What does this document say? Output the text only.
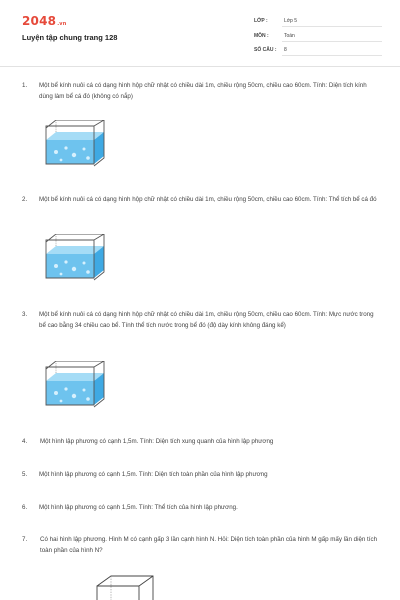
2048.vn
Luyện tập chung trang 128
LỚP :	Lớp 5
MÔN :	Toán
SỐ CÂU : 8
1. Một bể kính nuôi cá có dạng hình hộp chữ nhật có chiều dài 1m, chiều rộng 50cm, chiều cao 60cm. Tính: Diện tích kính dùng làm bể cá đó (không có nắp)
2. Một bể kính nuôi cá có dạng hình hộp chữ nhật có chiều dài 1m, chiều rộng 50cm, chiều cao 60cm. Tính: Thể tích bể cá đó
3. Một bể kính nuôi cá có dạng hình hộp chữ nhật có chiều dài 1m, chiều rộng 50cm, chiều cao 60cm. Tính: Mực nước trong bể cao bằng 34 chiều cao bể. Tính thể tích nước trong bể đó (độ dày kính không đáng kể)
4. Một hình lập phương có cạnh 1,5m. Tính: Diện tích xung quanh của hình lập phương
5. Một hình lập phương có cạnh 1,5m. Tính: Diện tích toàn phần của hình lập phương
6. Một hình lập phương có cạnh 1,5m. Tính: Thể tích của hình lập phương.
7. Có hai hình lập phương. Hình M có cạnh gấp 3 lần cạnh hình N. Hỏi: Diện tích toàn phần của hình M gấp mấy lần diện tích toàn phần của hình N?
